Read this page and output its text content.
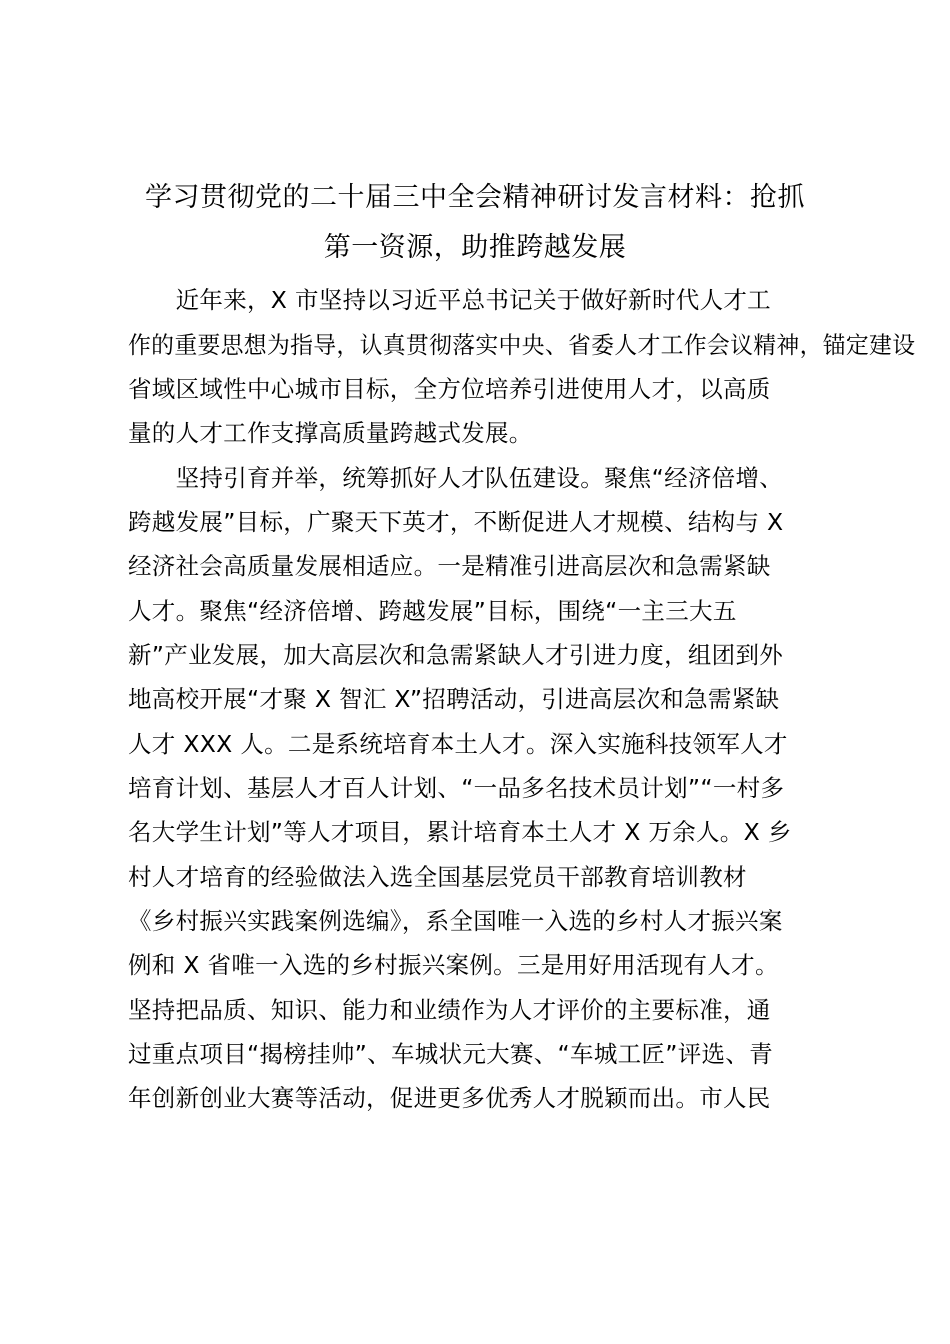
学习贯彻党的二十届三中全会精神研讨发言材料：抢抓
第一资源，助推跨越发展
　　近年来，X 市坚持以习近平总书记关于做好新时代人才工
作的重要思想为指导，认真贯彻落实中央、省委人才工作会议精神，锚定建设
省域区域性中心城市目标，全方位培养引进使用人才，以高质
量的人才工作支撑高质量跨越式发展。
　　坚持引育并举，统筹抓好人才队伍建设。聚焦“经济倍增、
跨越发展”目标，广聚天下英才，不断促进人才规模、结构与 X
经济社会高质量发展相适应。一是精准引进高层次和急需紧缺
人才。聚焦“经济倍增、跨越发展”目标，围绕“一主三大五
新”产业发展，加大高层次和急需紧缺人才引进力度，组团到外
地高校开展“才聚 X 智汇 X”招聘活动，引进高层次和急需紧缺
人才 XXX 人。二是系统培育本土人才。深入实施科技领军人才
培育计划、基层人才百人计划、“一品多名技术员计划”“一村多
名大学生计划”等人才项目，累计培育本土人才 X 万余人。X 乡
村人才培育的经验做法入选全国基层党员干部教育培训教材
《乡村振兴实践案例选编》，系全国唯一入选的乡村人才振兴案
例和 X 省唯一入选的乡村振兴案例。三是用好用活现有人才。
坚持把品质、知识、能力和业绩作为人才评价的主要标准，通
过重点项目“揭榜挂帅”、车城状元大赛、“车城工匠”评选、青
年创新创业大赛等活动，促进更多优秀人才脱颖而出。市人民
